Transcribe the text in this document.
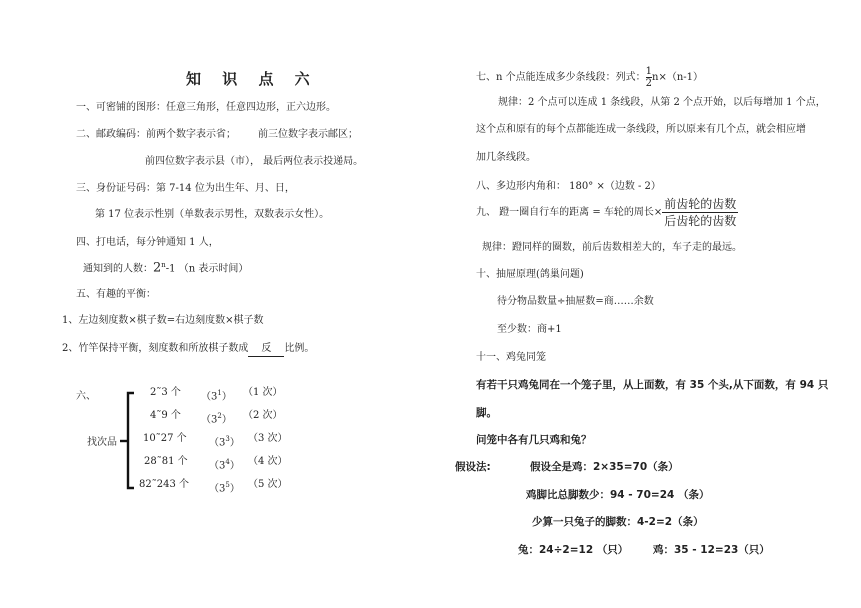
知 识 点 六
一、可密铺的图形：任意三角形，任意四边形，正六边形。
二、邮政编码：前两个数字表示省； 前三位数字表示邮区；
前四位数字表示县（市）， 最后两位表示投递局。
三、身份证号码：第 7-14 位为出生年、月、日，
第 17 位表示性别（单数表示男性，双数表示女性）。
四、打电话，每分钟通知 1 人，
通知到的人数：2$^n$-1 （n 表示时间）
五、有趣的平衡：
1、左边刻度数×棋子数=右边刻度数×棋子数
2、竹竿保持平衡，刻度数和所放棋子数成 反 比例。
六、
找次品
2˜3 个 $(3^1)$ （1 次）
4˜9 个 $(3^2)$ （2 次）
10˜27 个 $(3^3)$ （3 次）
28˜81 个 $(3^4)$ （4 次）
82˜243 个 $(3^5)$ （5 次）
七、n 个点能连成多少条线段：列式： $\frac{1}{2} n\times(n-1)$
规律：2 个点可以连成 1 条线段，从第 2 个点开始，以后每增加 1 个点，
这个点和原有的每个点都能连成一条线段，所以原来有几个点，就会相应增
加几条线段。
八、多边形内角和： 180° ×（边数 - 2）
九、 蹬一圈自行车的距离 = 车轮的周长×
前齿轮的齿数
后齿轮的齿数
规律：蹬同样的圈数，前后齿数相差大的，车子走的最远。
十、抽屉原理(鸽巢问题)
待分物品数量÷抽屉数=商……余数
至少数：商+1
十一、鸡兔同笼
有若干只鸡兔同在一个笼子里，从上面数，有 35 个头,从下面数，有 94 只
脚。
问笼中各有几只鸡和兔？
假设法:	假设全是鸡：2×35=70（条）
鸡脚比总脚数少：94 - 70=24 （条）
少算一只兔子的脚数：4-2=2（条）
兔：24÷2=12 （只） 鸡：35 - 12=23（只）
